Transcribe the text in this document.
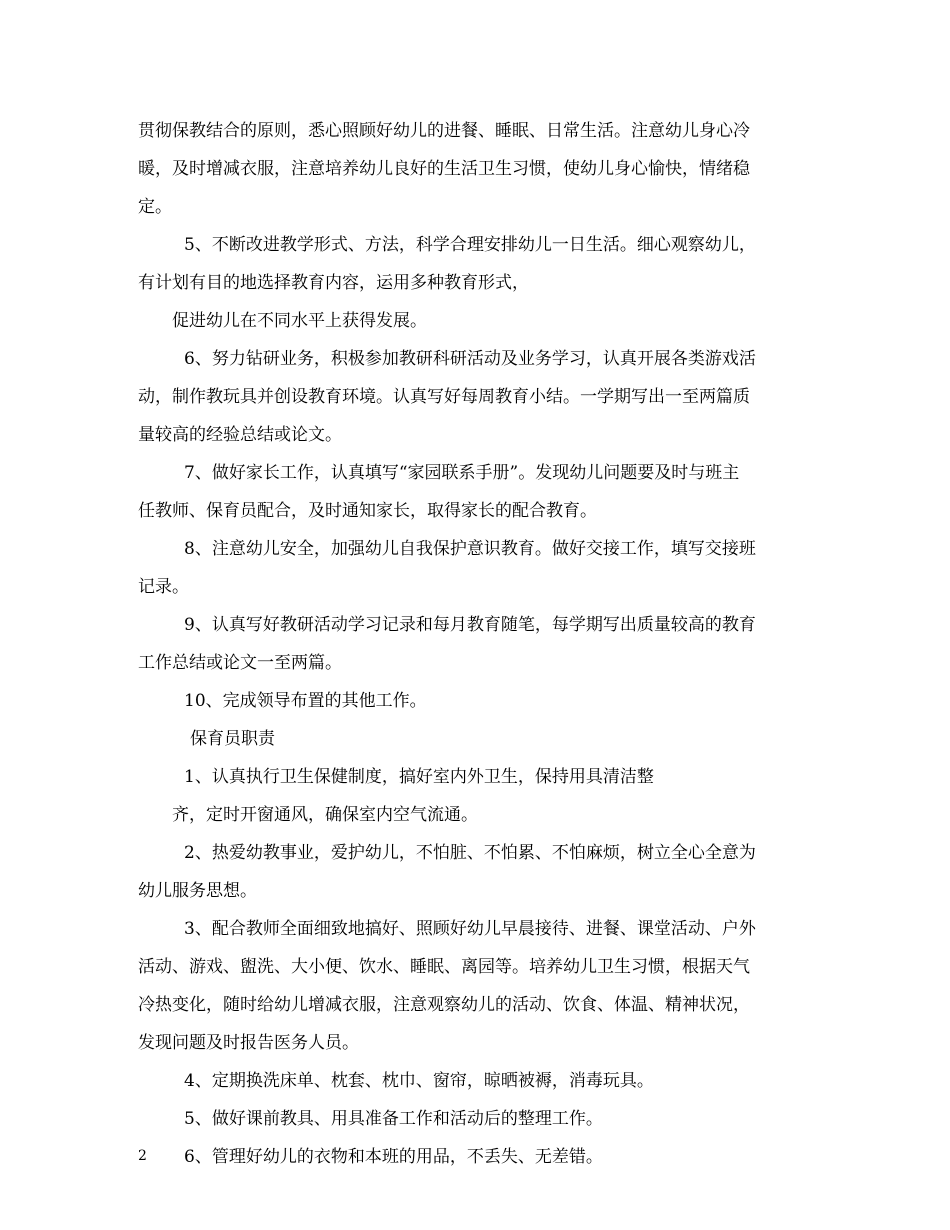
贯彻保教结合的原则，悉心照顾好幼儿的进餐、睡眠、日常生活。注意幼儿身心冷

暖，及时增减衣服，注意培养幼儿良好的生活卫生习惯，使幼儿身心愉快，情绪稳

定。

5、不断改进教学形式、方法，科学合理安排幼儿一日生活。细心观察幼儿，

有计划有目的地选择教育内容，运用多种教育形式，

促进幼儿在不同水平上获得发展。

6、努力钻研业务，积极参加教研科研活动及业务学习，认真开展各类游戏活

动，制作教玩具并创设教育环境。认真写好每周教育小结。一学期写出一至两篇质

量较高的经验总结或论文。

7、做好家长工作，认真填写“家园联系手册”。发现幼儿问题要及时与班主

任教师、保育员配合，及时通知家长，取得家长的配合教育。

8、注意幼儿安全，加强幼儿自我保护意识教育。做好交接工作，填写交接班

记录。

9、认真写好教研活动学习记录和每月教育随笔，每学期写出质量较高的教育

工作总结或论文一至两篇。

10、完成领导布置的其他工作。

保育员职责

1、认真执行卫生保健制度，搞好室内外卫生，保持用具清洁整

齐，定时开窗通风，确保室内空气流通。

2、热爱幼教事业，爱护幼儿，不怕脏、不怕累、不怕麻烦，树立全心全意为

幼儿服务思想。

3、配合教师全面细致地搞好、照顾好幼儿早晨接待、进餐、课堂活动、户外

活动、游戏、盥洗、大小便、饮水、睡眠、离园等。培养幼儿卫生习惯，根据天气

冷热变化，随时给幼儿增减衣服，注意观察幼儿的活动、饮食、体温、精神状况，

发现问题及时报告医务人员。

4、定期换洗床单、枕套、枕巾、窗帘，晾晒被褥，消毒玩具。

5、做好课前教具、用具准备工作和活动后的整理工作。

6、管理好幼儿的衣物和本班的用品，不丢失、无差错。

2
